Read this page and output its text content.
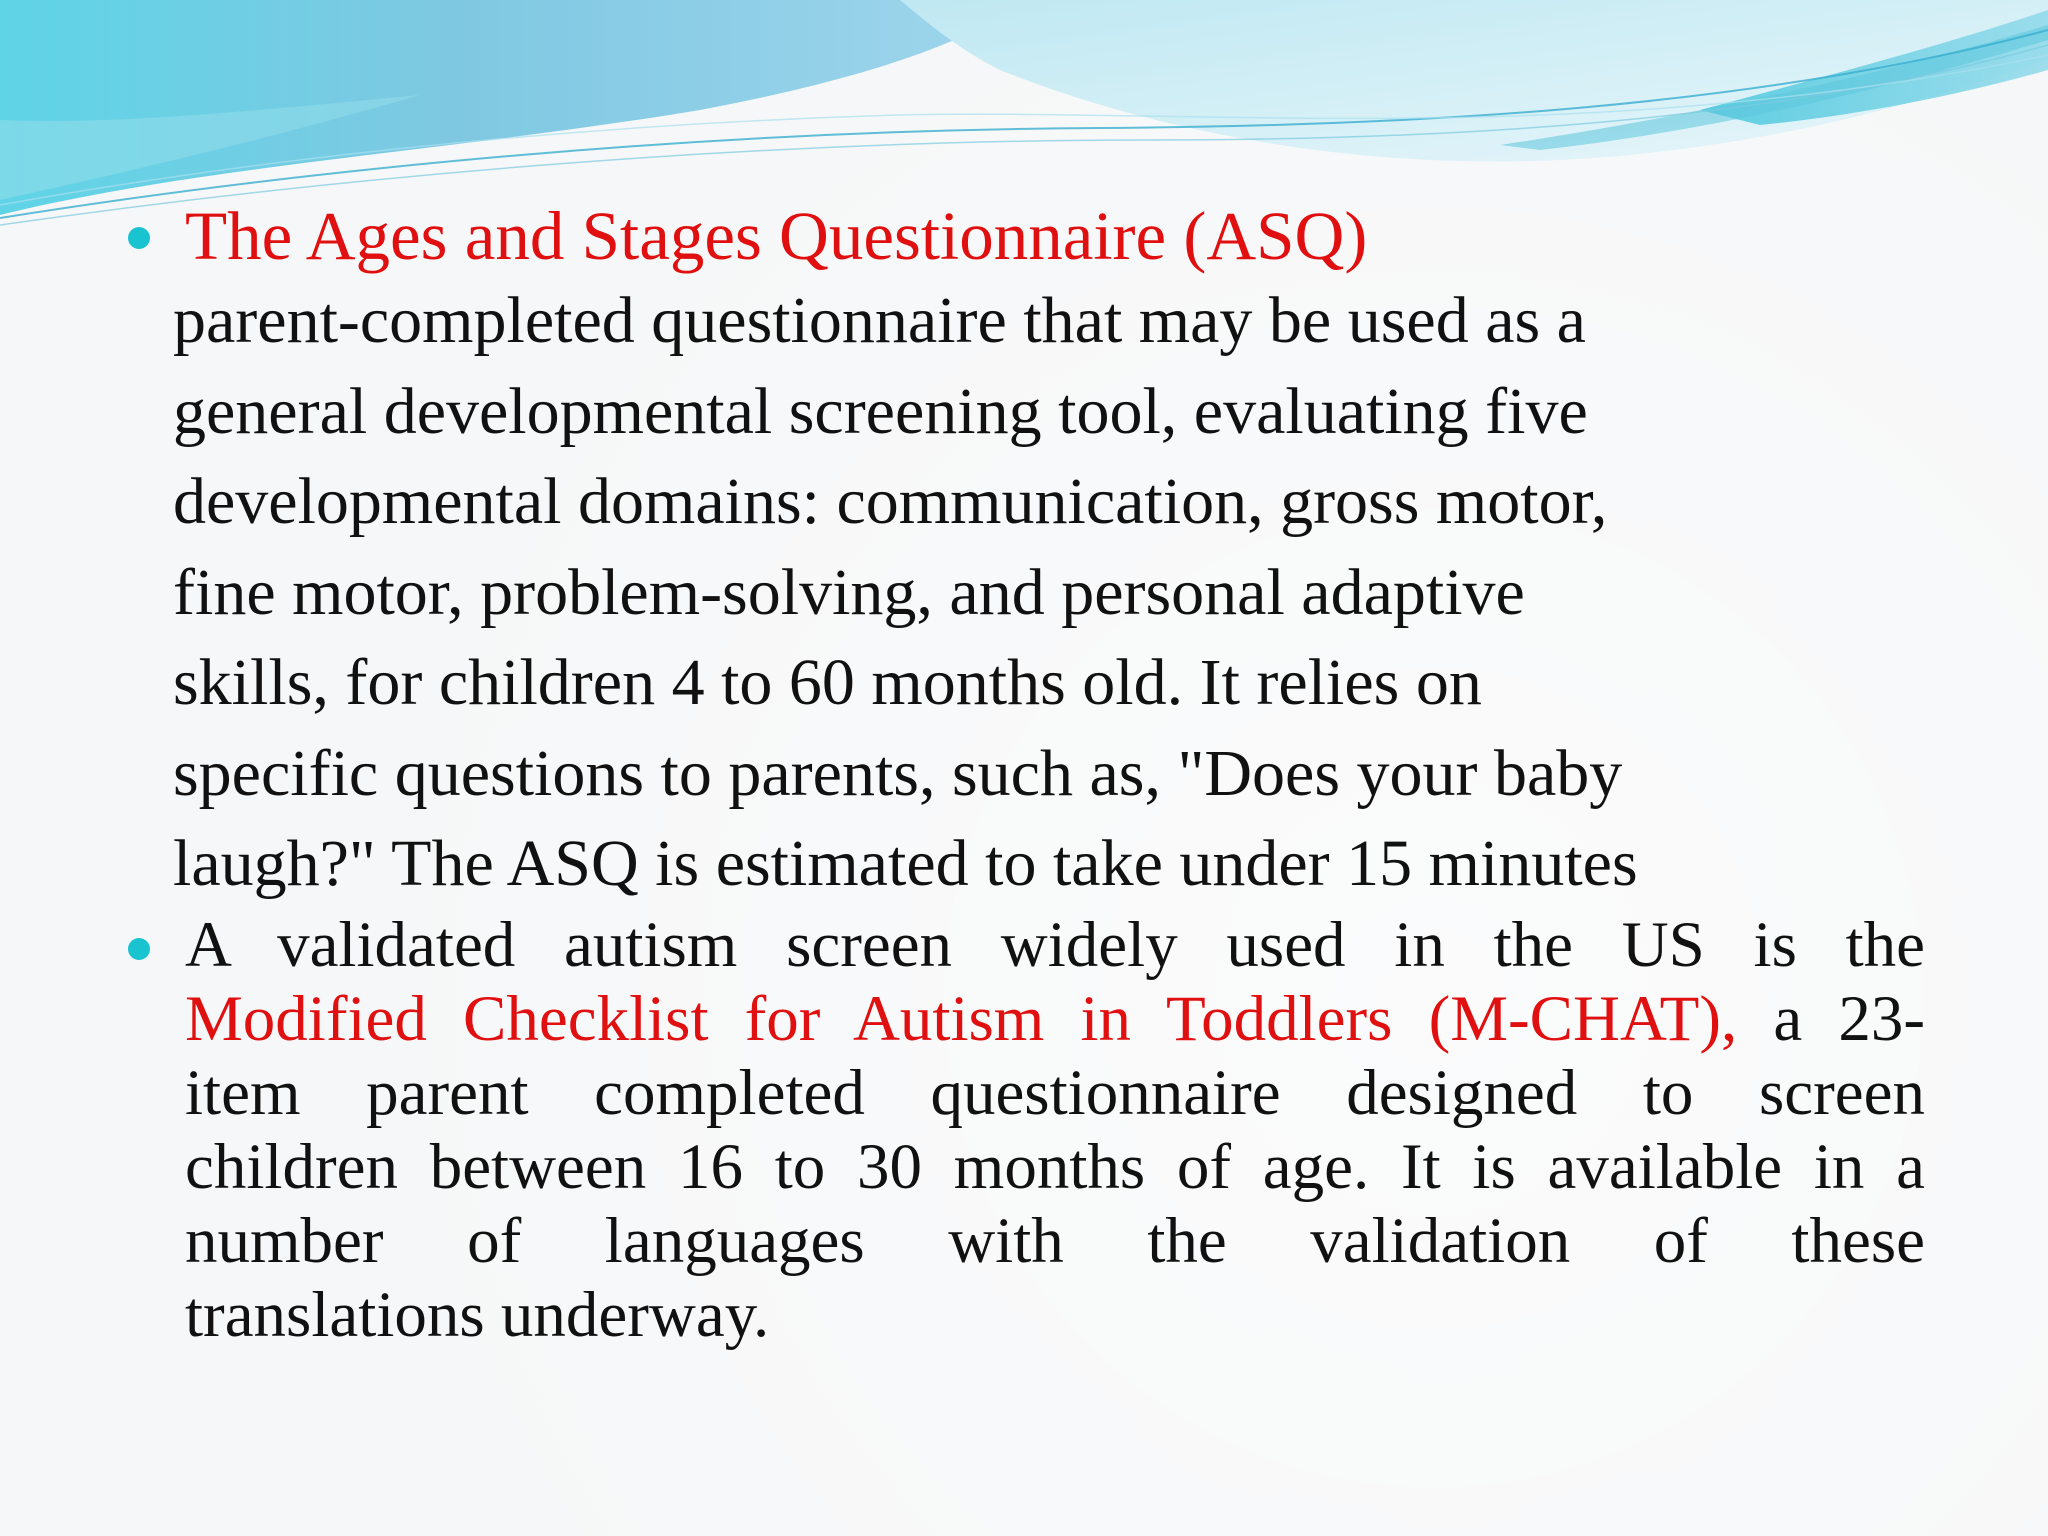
The Ages and Stages Questionnaire (ASQ)
parent-completed questionnaire that may be used as a
general developmental screening tool, evaluating five
developmental domains: communication, gross motor,
fine motor, problem-solving, and personal adaptive
skills, for children 4 to 60 months old. It relies on
specific questions to parents, such as, "Does your baby
laugh?" The ASQ is estimated to take under 15 minutes
A validated autism screen widely used in the US is the
Modified Checklist for Autism in Toddlers (M-CHAT), a 23-
item parent completed questionnaire designed to screen
children between 16 to 30 months of age. It is available in a
number of languages with the validation of these
translations underway.
